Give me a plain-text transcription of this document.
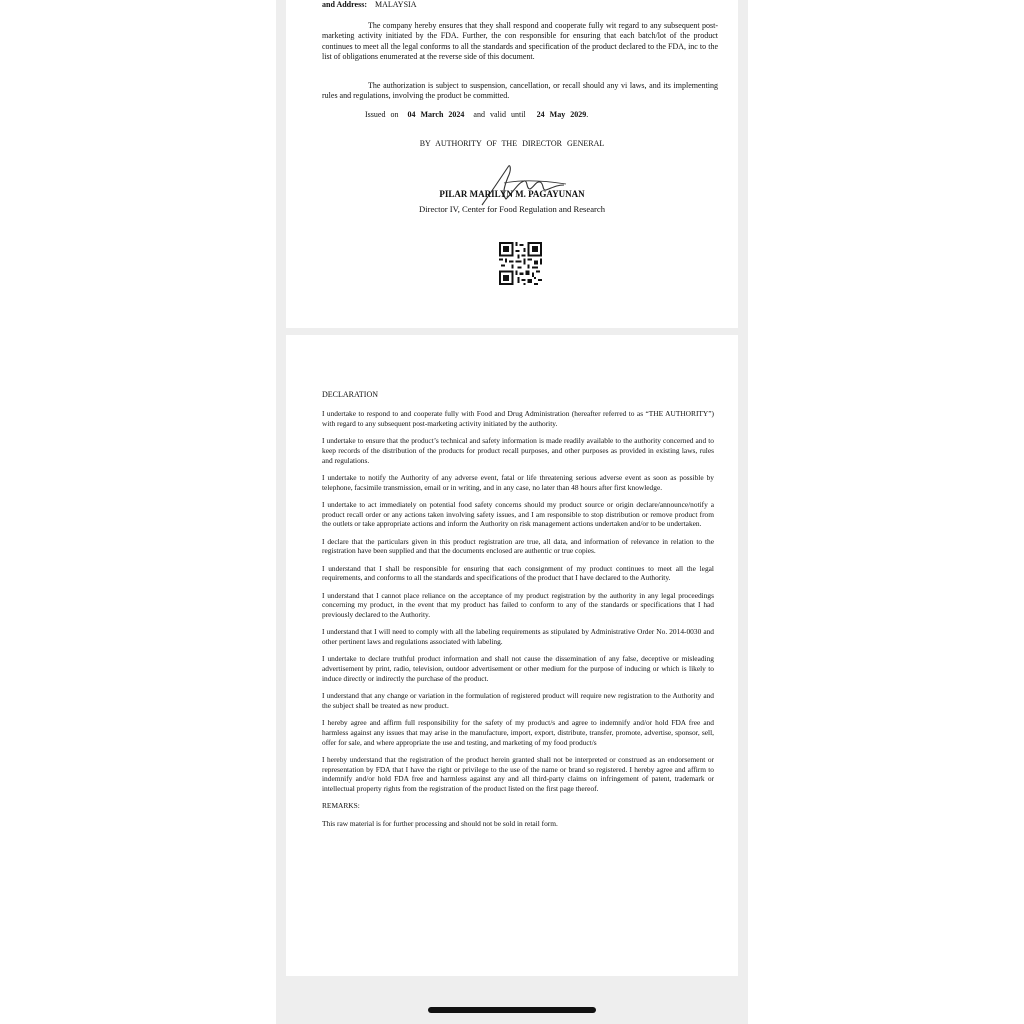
and Address: MALAYSIA
The company hereby ensures that they shall respond and cooperate fully wit regard to any subsequent post-marketing activity initiated by the FDA. Further, the con responsible for ensuring that each batch/lot of the product continues to meet all the legal conforms to all the standards and specification of the product declared to the FDA, inc to the list of obligations enumerated at the reverse side of this document.
The authorization is subject to suspension, cancellation, or recall should any vi laws, and its implementing rules and regulations, involving the product be committed.
Issued on 04 March 2024 and valid until 24 May 2029.
BY AUTHORITY OF THE DIRECTOR GENERAL
PILAR MARILYN M. PAGAYUNAN
Director IV, Center for Food Regulation and Research
DECLARATION

I undertake to respond to and cooperate fully with Food and Drug Administration (hereafter referred to as “THE AUTHORITY”) with regard to any subsequent post-marketing activity initiated by the authority.

I undertake to ensure that the product’s technical and safety information is made readily available to the authority concerned and to keep records of the distribution of the products for product recall purposes, and other purposes as provided in existing laws, rules and regulations.

I undertake to notify the Authority of any adverse event, fatal or life threatening serious adverse event as soon as possible by telephone, facsimile transmission, email or in writing, and in any case, no later than 48 hours after first knowledge.

I undertake to act immediately on potential food safety concerns should my product source or origin declare/announce/notify a product recall order or any actions taken involving safety issues, and I am responsible to stop distribution or remove product from the outlets or take appropriate actions and inform the Authority on risk management actions undertaken and/or to be undertaken.

I declare that the particulars given in this product registration are true, all data, and information of relevance in relation to the registration have been supplied and that the documents enclosed are authentic or true copies.

I understand that I shall be responsible for ensuring that each consignment of my product continues to meet all the legal requirements, and conforms to all the standards and specifications of the product that I have declared to the Authority.

I understand that I cannot place reliance on the acceptance of my product registration by the authority in any legal proceedings concerning my product, in the event that my product has failed to conform to any of the standards or specifications that I had previously declared to the Authority.

I understand that I will need to comply with all the labeling requirements as stipulated by Administrative Order No. 2014-0030 and other pertinent laws and regulations associated with labeling.

I undertake to declare truthful product information and shall not cause the dissemination of any false, deceptive or misleading advertisement by print, radio, television, outdoor advertisement or other medium for the purpose of inducing or which is likely to induce directly or indirectly the purchase of the product.

I understand that any change or variation in the formulation of registered product will require new registration to the Authority and the subject shall be treated as new product.

I hereby agree and affirm full responsibility for the safety of my product/s and agree to indemnify and/or hold FDA free and harmless against any issues that may arise in the manufacture, import, export, distribute, transfer, promote, advertise, sponsor, sell, offer for sale, and where appropriate the use and testing, and marketing of my food product/s

I hereby understand that the registration of the product herein granted shall not be interpreted or construed as an endorsement or representation by FDA that I have the right or privilege to the use of the name or brand so registered. I hereby agree and affirm to indemnify and/or hold FDA free and harmless against any and all third-party claims on infringement of patent, trademark or intellectual property rights from the registration of the product listed on the first page thereof.

REMARKS:

This raw material is for further processing and should not be sold in retail form.
